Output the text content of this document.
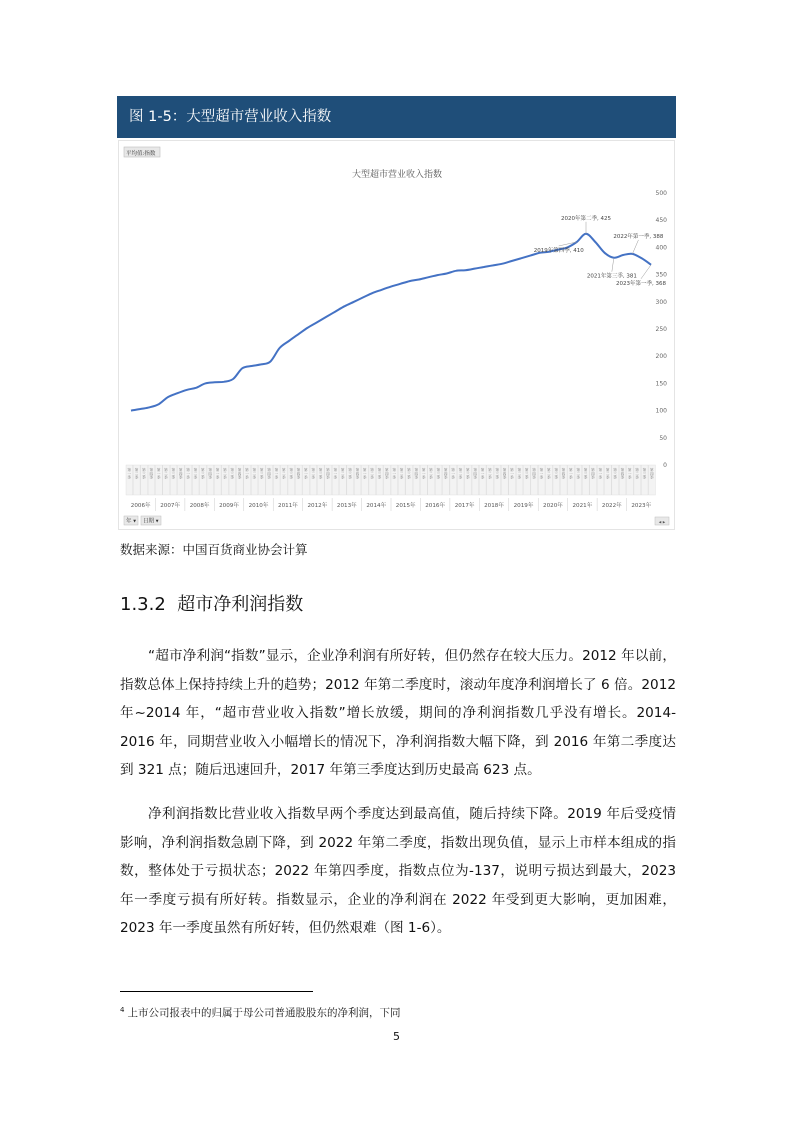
图 1-5：大型超市营业收入指数
平均值:指数
大型超市营业收入指数
0
50
100
150
200
250
300
350
400
450
500
2019年第四季, 410
2020年第二季, 425
2021年第三季, 381
2022年第一季, 388
2023年第一季, 368
第一季 第二季 第三季 第四季 第一季 第二季 第三季 第四季 第一季 第二季 第三季 第四季 第一季 第二季 第三季 第四季 第一季 第二季 第三季 第四季 第一季 第二季 第三季 第四季 第一季 第二季 第三季 第四季 第一季 第二季 第三季 第四季 第一季 第二季 第三季 第四季 第一季 第二季 第三季 第四季 第一季 第二季 第三季 第四季 第一季 第二季 第三季 第四季 第一季 第二季 第三季 第四季 第一季 第二季 第三季 第四季 第一季 第二季 第三季 第四季 第一季 第二季 第三季 第四季 第一季 第二季 第三季 第四季 第一季 第二季 第三季 第四季
2006年 2007年 2008年 2009年 2010年 2011年 2012年 2013年 2014年 2015年 2016年 2017年 2018年 2019年 2020年 2021年 2022年 2023年
年 ▾ 日期 ▾	◂ ▸
数据来源：中国百货商业协会计算
1.3.2 超市净利润指数

“超市净利润“指数”显示，企业净利润有所好转，但仍然存在较大压力。2012 年以前，指数总体上保持持续上升的趋势；2012 年第二季度时，滚动年度净利润增长了 6 倍。2012 年~2014 年，“超市营业收入指数”增长放缓，期间的净利润指数几乎没有增长。2014-2016 年，同期营业收入小幅增长的情况下，净利润指数大幅下降，到 2016 年第二季度达到 321 点；随后迅速回升，2017 年第三季度达到历史最高 623 点。

净利润指数比营业收入指数早两个季度达到最高值，随后持续下降。2019 年后受疫情影响，净利润指数急剧下降，到 2022 年第二季度，指数出现负值，显示上市样本组成的指数，整体处于亏损状态；2022 年第四季度，指数点位为-137，说明亏损达到最大，2023 年一季度亏损有所好转。指数显示，企业的净利润在 2022 年受到更大影响，更加困难，2023 年一季度虽然有所好转，但仍然艰难（图 1-6）。

$^4$ 上市公司报表中的归属于母公司普通股股东的净利润，下同
5
